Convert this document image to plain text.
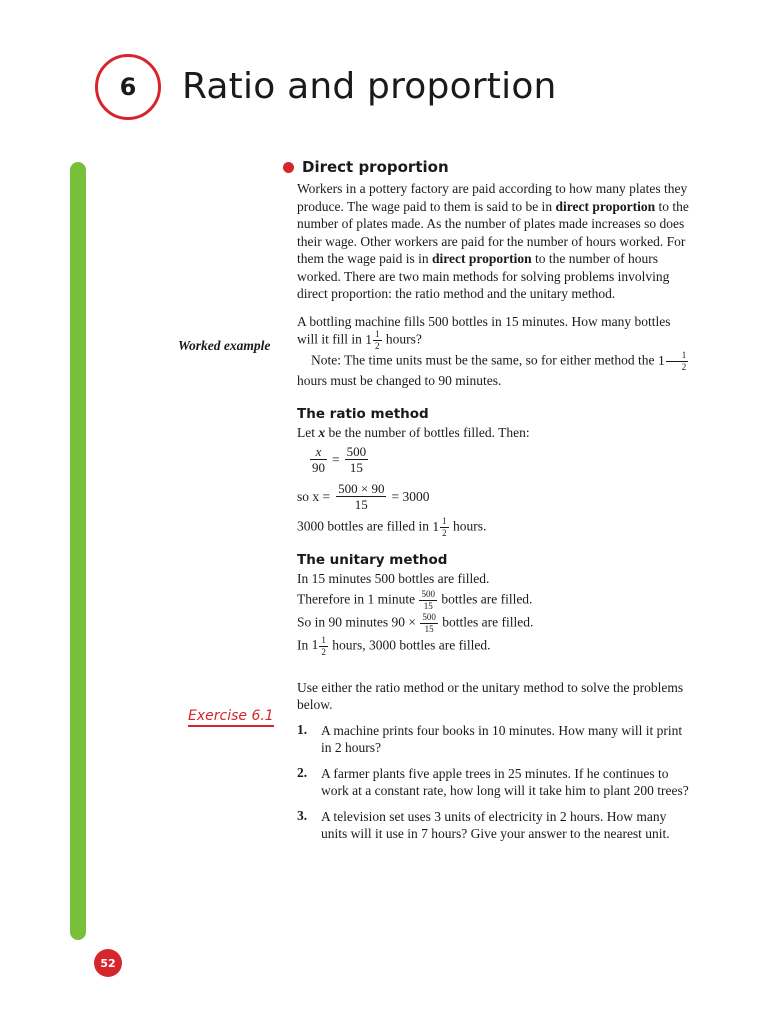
6 Ratio and proportion
52
Worked example
Exercise 6.1
Direct proportion

Workers in a pottery factory are paid according to how many plates they produce. The wage paid to them is said to be in direct proportion to the number of plates made. As the number of plates made increases so does their wage. Other workers are paid for the number of hours worked. For them the wage paid is in direct proportion to the number of hours worked. There are two main methods for solving problems involving direct proportion: the ratio method and the unitary method.

A bottling machine fills 500 bottles in 15 minutes. How many bottles will it fill in $1 \frac{1}{2}$ hours?

Note: The time units must be the same, so for either method the $1 \frac{1}{2}$
hours must be changed to 90 minutes.

The ratio method

Let x be the number of bottles filled. Then:

$\frac{x}{90} = \frac{500}{15}$
so $x = \frac{500 \times 90}{15} = 3000$

3000 bottles are filled in $1 \frac{1}{2}$ hours.

The unitary method

In 15 minutes 500 bottles are filled.

Therefore in 1 minute $\frac{500}{15}$ bottles are filled.

So in 90 minutes $90 \times \frac{500}{15}$ bottles are filled.

In $1 \frac{1}{2}$ hours, 3000 bottles are filled.

Use either the ratio method or the unitary method to solve the problems below.

1.	A machine prints four books in 10 minutes. How many will it print in 2 hours?
2.	A farmer plants five apple trees in 25 minutes. If he continues to work at a constant rate, how long will it take him to plant 200 trees?
3.	A television set uses 3 units of electricity in 2 hours. How many units will it use in 7 hours? Give your answer to the nearest unit.
